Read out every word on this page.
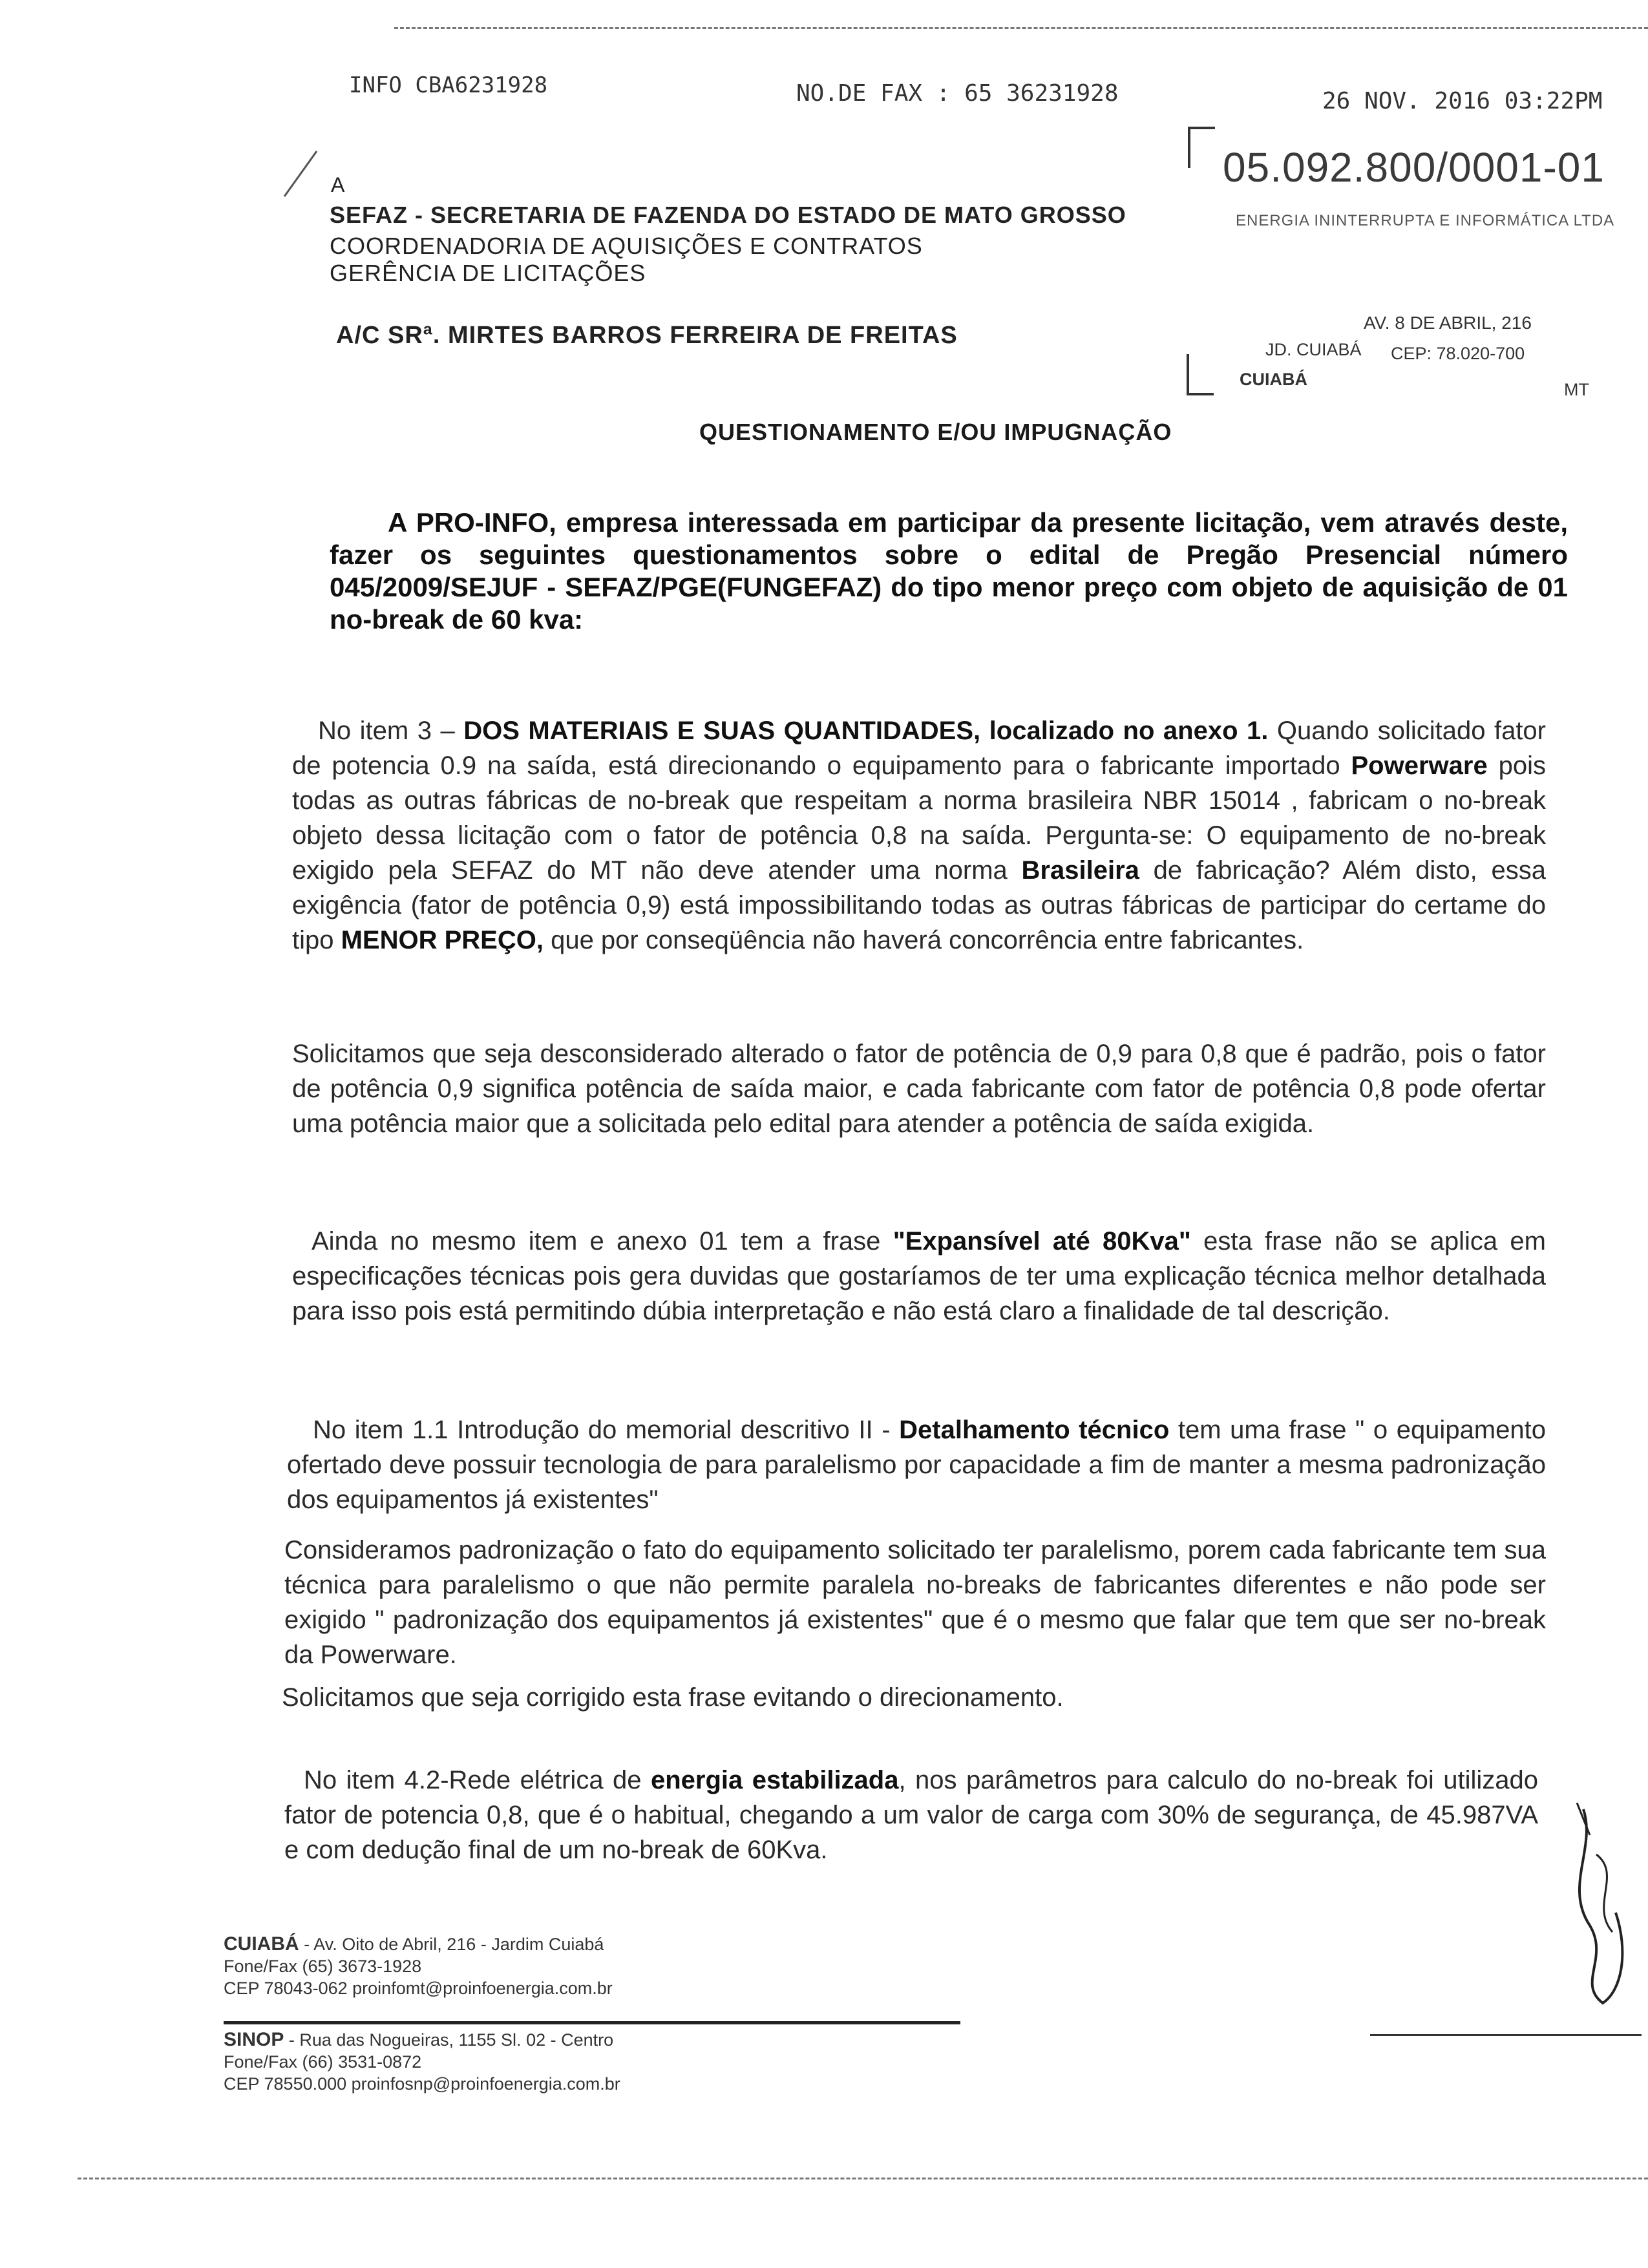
INFO CBA6231928	NO.DE FAX : 65 36231928	26 NOV. 2016 03:22PM
A
SEFAZ - SECRETARIA DE FAZENDA DO ESTADO DE MATO GROSSO
COORDENADORIA DE AQUISIÇÕES E CONTRATOS
GERÊNCIA DE LICITAÇÕES
A/C SRª. MIRTES BARROS FERREIRA DE FREITAS
05.092.800/0001-01
ENERGIA ININTERRUPTA E INFORMÁTICA LTDA
AV. 8 DE ABRIL, 216
JD. CUIABÁ CEP: 78.020-700
CUIABÁ
MT
QUESTIONAMENTO E/OU IMPUGNAÇÃO
A PRO-INFO, empresa interessada em participar da presente licitação, vem através deste, fazer os seguintes questionamentos sobre o edital de Pregão Presencial número 045/2009/SEJUF - SEFAZ/PGE(FUNGEFAZ) do tipo menor preço com objeto de aquisição de 01 no-break de 60 kva:
No item 3 – DOS MATERIAIS E SUAS QUANTIDADES, localizado no anexo 1. Quando solicitado fator de potencia 0.9 na saída, está direcionando o equipamento para o fabricante importado Powerware pois todas as outras fábricas de no-break que respeitam a norma brasileira NBR 15014 , fabricam o no-break objeto dessa licitação com o fator de potência 0,8 na saída. Pergunta-se: O equipamento de no-break exigido pela SEFAZ do MT não deve atender uma norma Brasileira de fabricação? Além disto, essa exigência (fator de potência 0,9) está impossibilitando todas as outras fábricas de participar do certame do tipo MENOR PREÇO, que por conseqüência não haverá concorrência entre fabricantes.
Solicitamos que seja desconsiderado alterado o fator de potência de 0,9 para 0,8 que é padrão, pois o fator de potência 0,9 significa potência de saída maior, e cada fabricante com fator de potência 0,8 pode ofertar uma potência maior que a solicitada pelo edital para atender a potência de saída exigida.
Ainda no mesmo item e anexo 01 tem a frase "Expansível até 80Kva" esta frase não se aplica em especificações técnicas pois gera duvidas que gostaríamos de ter uma explicação técnica melhor detalhada para isso pois está permitindo dúbia interpretação e não está claro a finalidade de tal descrição.
No item 1.1 Introdução do memorial descritivo II - Detalhamento técnico tem uma frase " o equipamento ofertado deve possuir tecnologia de para paralelismo por capacidade a fim de manter a mesma padronização dos equipamentos já existentes"
Consideramos padronização o fato do equipamento solicitado ter paralelismo, porem cada fabricante tem sua técnica para paralelismo o que não permite paralela no-breaks de fabricantes diferentes e não pode ser exigido " padronização dos equipamentos já existentes" que é o mesmo que falar que tem que ser no-break da Powerware.
Solicitamos que seja corrigido esta frase evitando o direcionamento.
No item 4.2-Rede elétrica de energia estabilizada, nos parâmetros para calculo do no-break foi utilizado fator de potencia 0,8, que é o habitual, chegando a um valor de carga com 30% de segurança, de 45.987VA e com dedução final de um no-break de 60Kva.
CUIABÁ - Av. Oito de Abril, 216 - Jardim Cuiabá
Fone/Fax (65) 3673-1928
CEP 78043-062 proinfomt@proinfoenergia.com.br
SINOP - Rua das Nogueiras, 1155 Sl. 02 - Centro
Fone/Fax (66) 3531-0872
CEP 78550.000 proinfosnp@proinfoenergia.com.br
